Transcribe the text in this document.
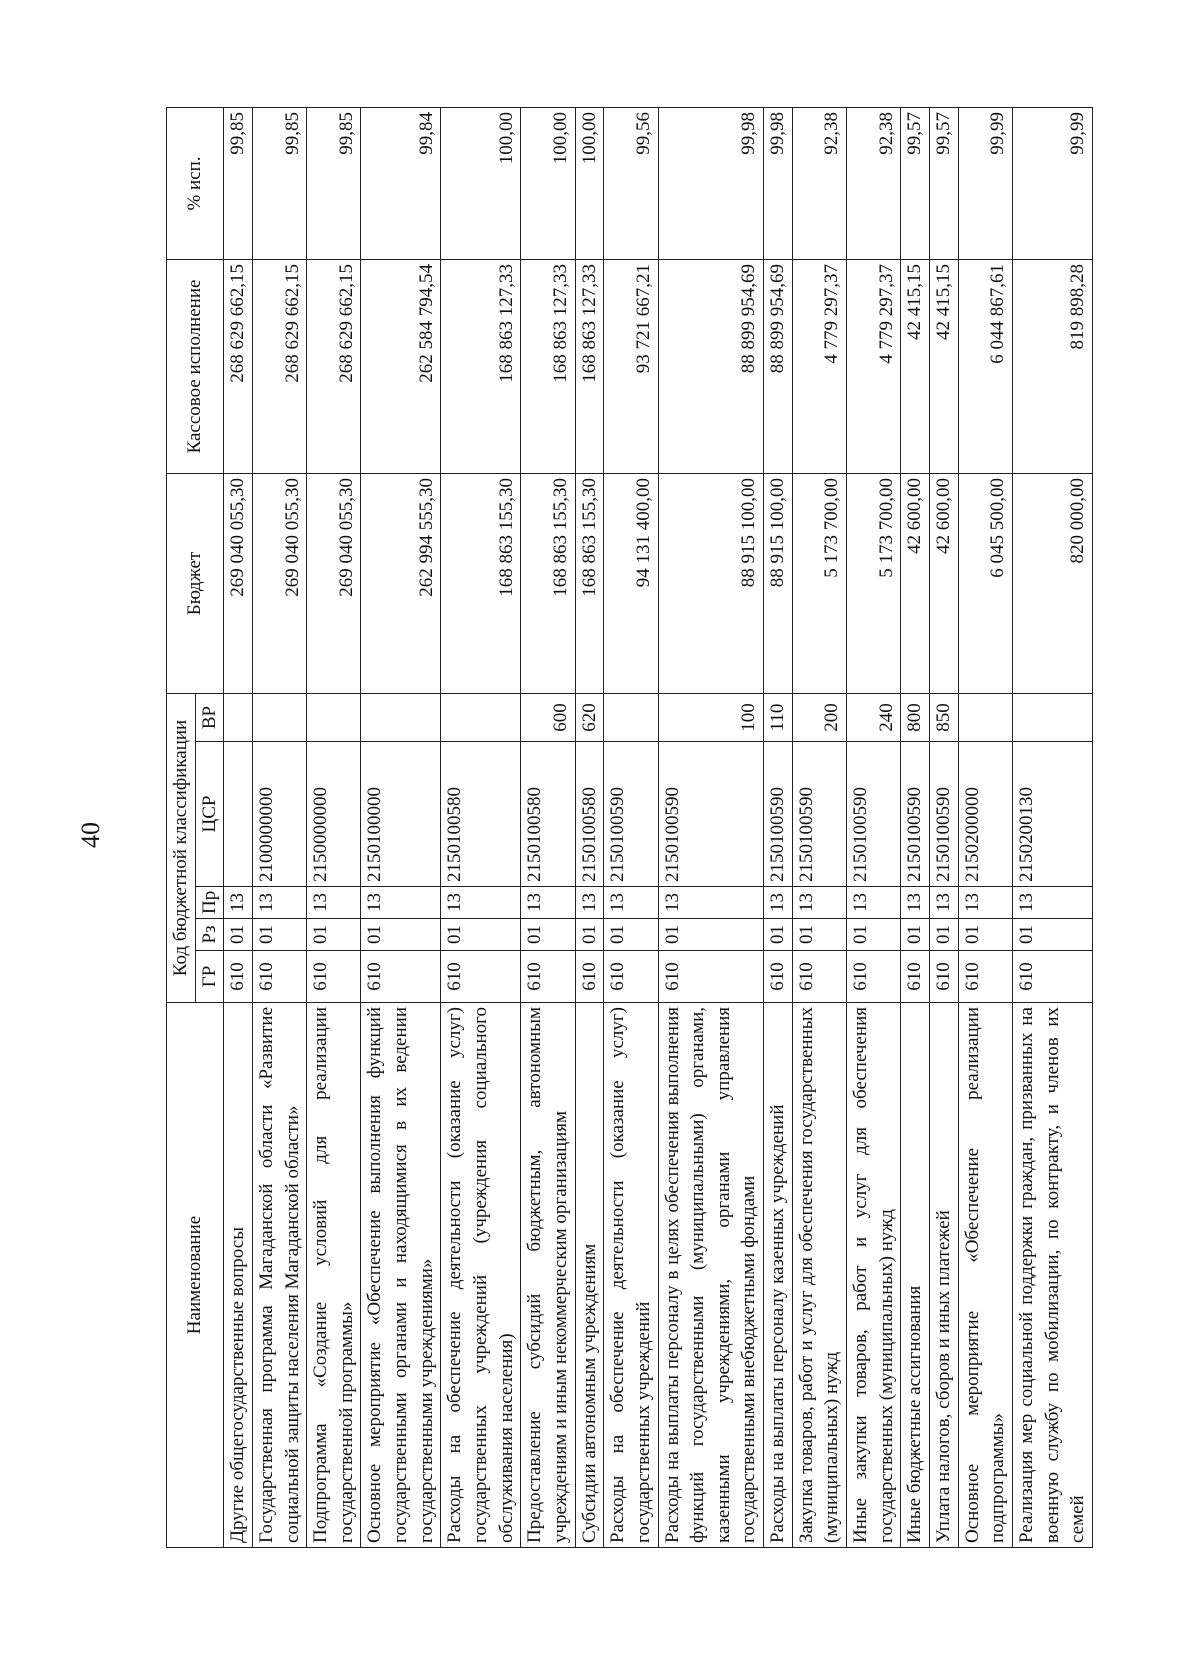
40
Наименование	Код бюджетной классификации					Бюджет	Кассовое исполнение	% исп.
	ГР	Рз	Пр	ЦСР	ВР			
Другие общегосударственные вопросы	610	01	13			269 040 055,30	268 629 662,15	99,85
Государственная программа Магаданской области «Развитие социальной защиты населения Магаданской области»	610	01	13	2100000000		269 040 055,30	268 629 662,15	99,85
Подпрограмма «Создание условий для реализации государственной программы»	610	01	13	2150000000		269 040 055,30	268 629 662,15	99,85
Основное мероприятие «Обеспечение выполнения функций государственными органами и находящимися в их ведении государственными учреждениями»	610	01	13	2150100000		262 994 555,30	262 584 794,54	99,84
Расходы на обеспечение деятельности (оказание услуг) государственных учреждений (учреждения социального обслуживания населения)	610	01	13	2150100580		168 863 155,30	168 863 127,33	100,00
Предоставление субсидий бюджетным, автономным учреждениям и иным некоммерческим организациям	610	01	13	2150100580	600	168 863 155,30	168 863 127,33	100,00
Субсидии автономным учреждениям	610	01	13	2150100580	620	168 863 155,30	168 863 127,33	100,00
Расходы на обеспечение деятельности (оказание услуг) государственных учреждений	610	01	13	2150100590		94 131 400,00	93 721 667,21	99,56
Расходы на выплаты персоналу в целях обеспечения выполнения функций государственными (муниципальными) органами, казенными учреждениями, органами управления государственными внебюджетными фондами	610	01	13	2150100590	100	88 915 100,00	88 899 954,69	99,98
Расходы на выплаты персоналу казенных учреждений	610	01	13	2150100590	110	88 915 100,00	88 899 954,69	99,98
Закупка товаров, работ и услуг для обеспечения государственных (муниципальных) нужд	610	01	13	2150100590	200	5 173 700,00	4 779 297,37	92,38
Иные закупки товаров, работ и услуг для обеспечения государственных (муниципальных) нужд	610	01	13	2150100590	240	5 173 700,00	4 779 297,37	92,38
Иные бюджетные ассигнования	610	01	13	2150100590	800	42 600,00	42 415,15	99,57
Уплата налогов, сборов и иных платежей	610	01	13	2150100590	850	42 600,00	42 415,15	99,57
Основное мероприятие «Обеспечение реализации подпрограммы»	610	01	13	2150200000		6 045 500,00	6 044 867,61	99,99
Реализация мер социальной поддержки граждан, призванных на военную службу по мобилизации, по контракту, и членов их семей	610	01	13	2150200130		820 000,00	819 898,28	99,99
